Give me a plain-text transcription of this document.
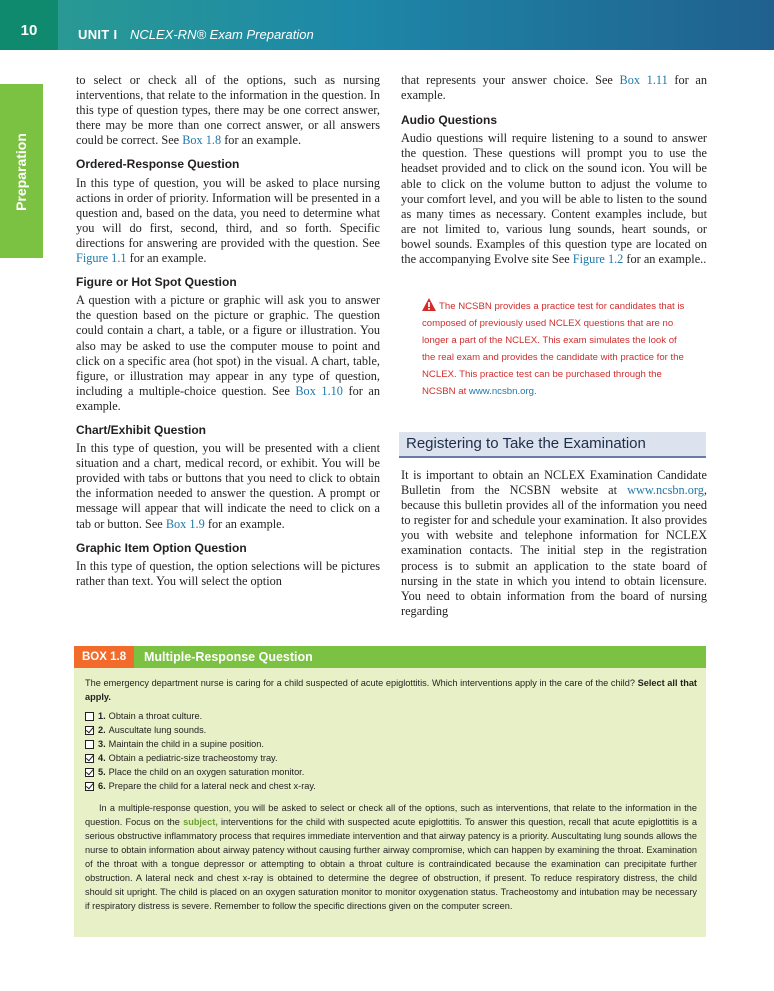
10	UNIT I NCLEX-RN® Exam Preparation
Preparation

to select or check all of the options, such as nursing interventions, that relate to the information in the question. In this type of question types, there may be one correct answer, there may be more than one correct answer, or all answers could be correct. See Box 1.8 for an example.

Ordered-Response Question

In this type of question, you will be asked to place nursing actions in order of priority. Information will be presented in a question and, based on the data, you need to determine what you will do first, second, third, and so forth. Specific directions for answering are provided with the question. See Figure 1.1 for an example.

Figure or Hot Spot Question

A question with a picture or graphic will ask you to answer the question based on the picture or graphic. The question could contain a chart, a table, or a figure or illustration. You also may be asked to use the computer mouse to point and click on a specific area (hot spot) in the visual. A chart, table, figure, or illustration may appear in any type of question, including a multiple-choice question. See Box 1.10 for an example.

Chart/Exhibit Question

In this type of question, you will be presented with a client situation and a chart, medical record, or exhibit. You will be provided with tabs or buttons that you need to click to obtain the information needed to answer the question. A prompt or message will appear that will indicate the need to click on a tab or button. See Box 1.9 for an example.

Graphic Item Option Question

In this type of question, the option selections will be pictures rather than text. You will select the option

that represents your answer choice. See Box 1.11 for an example.

Audio Questions

Audio questions will require listening to a sound to answer the question. These questions will prompt you to use the headset provided and to click on the sound icon. You will be able to click on the volume button to adjust the volume to your comfort level, and you will be able to listen to the sound as many times as necessary. Content examples include, but are not limited to, various lung sounds, heart sounds, or bowel sounds. Examples of this question type are located on the accompanying Evolve site See Figure 1.2 for an example..

The NCSBN provides a practice test for candidates that is composed of previously used NCLEX questions that are no longer a part of the NCLEX. This exam simulates the look of the real exam and provides the candidate with practice for the NCLEX. This practice test can be purchased through the NCSBN at www.ncsbn.org.
Registering to Take the Examination

It is important to obtain an NCLEX Examination Candidate Bulletin from the NCSBN website at www.ncsbn.org, because this bulletin provides all of the information you need to register for and schedule your examination. It also provides you with website and telephone information for NCLEX examination contacts. The initial step in the registration process is to submit an application to the state board of nursing in the state in which you intend to obtain licensure. You need to obtain information from the board of nursing regarding

BOX 1.8	Multiple-Response Question

The emergency department nurse is caring for a child suspected of acute epiglottitis. Which interventions apply in the care of the child? Select all that apply.

1. Obtain a throat culture.
2. Auscultate lung sounds.
3. Maintain the child in a supine position.
4. Obtain a pediatric-size tracheostomy tray.
5. Place the child on an oxygen saturation monitor.
6. Prepare the child for a lateral neck and chest x-ray.

In a multiple-response question, you will be asked to select or check all of the options, such as interventions, that relate to the information in the question. Focus on the subject, interventions for the child with suspected acute epiglottitis. To answer this question, recall that acute epiglottitis is a serious obstructive inflammatory process that requires immediate intervention and that airway patency is a priority. Auscultating lung sounds allows the nurse to obtain information about airway patency without causing further airway compromise, which can happen by examining the throat. Examination of the throat with a tongue depressor or attempting to obtain a throat culture is contraindicated because the examination can precipitate further obstruction. A lateral neck and chest x-ray is obtained to determine the degree of obstruction, if present. To reduce respiratory distress, the child should sit upright. The child is placed on an oxygen saturation monitor to monitor oxygenation status. Tracheostomy and intubation may be necessary if respiratory distress is severe. Remember to follow the specific directions given on the computer screen.
